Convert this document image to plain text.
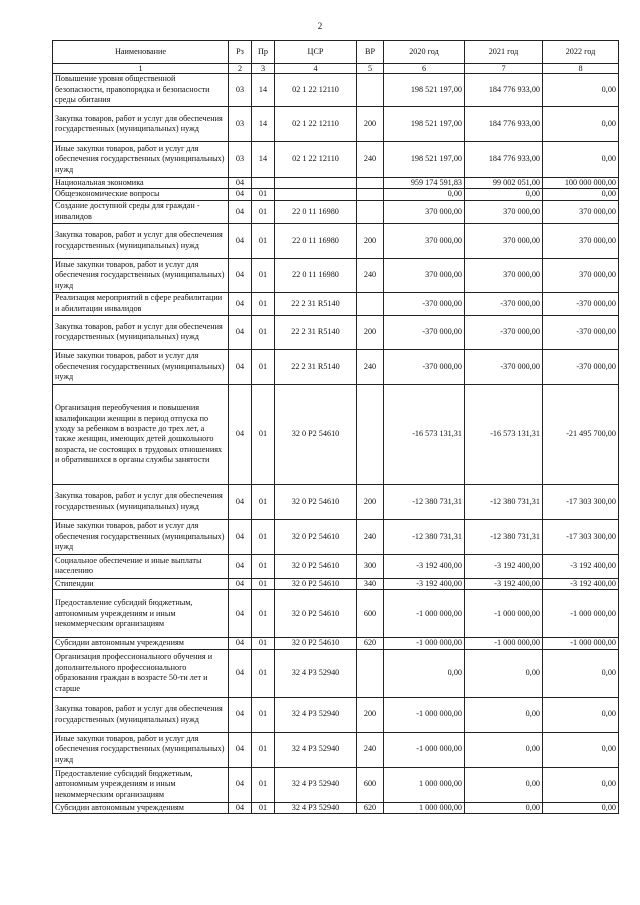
2
Наименование	Рз	Пр	ЦСР	ВР	2020 год	2021 год	2022 год
1	2	3	4	5	6	7	8
Повышение уровня общественной безопасности, правопорядка и безопасности среды обитания	03	14	02 1 22 12110		198 521 197,00	184 776 933,00	0,00
Закупка товаров, работ и услуг для обеспечения государственных (муниципальных) нужд	03	14	02 1 22 12110	200	198 521 197,00	184 776 933,00	0,00
Иные закупки товаров, работ и услуг для обеспечения государственных (муниципальных) нужд	03	14	02 1 22 12110	240	198 521 197,00	184 776 933,00	0,00
Национальная экономика	04				959 174 591,83	99 002 051,00	100 000 000,00
Общеэкономические вопросы	04	01			0,00	0,00	0,00
Создание доступной среды для граждан - инвалидов	04	01	22 0 11 16980		370 000,00	370 000,00	370 000,00
Закупка товаров, работ и услуг для обеспечения государственных (муниципальных) нужд	04	01	22 0 11 16980	200	370 000,00	370 000,00	370 000,00
Иные закупки товаров, работ и услуг для обеспечения государственных (муниципальных) нужд	04	01	22 0 11 16980	240	370 000,00	370 000,00	370 000,00
Реализация мероприятий в сфере реабилитации и абилитации инвалидов	04	01	22 2 31 R5140		-370 000,00	-370 000,00	-370 000,00
Закупка товаров, работ и услуг для обеспечения государственных (муниципальных) нужд	04	01	22 2 31 R5140	200	-370 000,00	-370 000,00	-370 000,00
Иные закупки товаров, работ и услуг для обеспечения государственных (муниципальных) нужд	04	01	22 2 31 R5140	240	-370 000,00	-370 000,00	-370 000,00
Организация переобучения и повышения квалификации женщин в период отпуска по уходу за ребенком в возрасте до трех лет, а также женщин, имеющих детей дошкольного возраста, не состоящих в трудовых отношениях и обратившихся в органы службы занятости	04	01	32 0 P2 54610		-16 573 131,31	-16 573 131,31	-21 495 700,00
Закупка товаров, работ и услуг для обеспечения государственных (муниципальных) нужд	04	01	32 0 P2 54610	200	-12 380 731,31	-12 380 731,31	-17 303 300,00
Иные закупки товаров, работ и услуг для обеспечения государственных (муниципальных) нужд	04	01	32 0 P2 54610	240	-12 380 731,31	-12 380 731,31	-17 303 300,00
Социальное обеспечение и иные выплаты населению	04	01	32 0 P2 54610	300	-3 192 400,00	-3 192 400,00	-3 192 400,00
Стипендии	04	01	32 0 P2 54610	340	-3 192 400,00	-3 192 400,00	-3 192 400,00
Предоставление субсидий бюджетным, автономным учреждениям и иным некоммерческим организациям	04	01	32 0 P2 54610	600	-1 000 000,00	-1 000 000,00	-1 000 000,00
Субсидии автономным учреждениям	04	01	32 0 P2 54610	620	-1 000 000,00	-1 000 000,00	-1 000 000,00
Организация профессионального обучения и дополнительного профессионального образования граждан в возрасте 50-ти лет и старше	04	01	32 4 P3 52940		0,00	0,00	0,00
Закупка товаров, работ и услуг для обеспечения государственных (муниципальных) нужд	04	01	32 4 P3 52940	200	-1 000 000,00	0,00	0,00
Иные закупки товаров, работ и услуг для обеспечения государственных (муниципальных) нужд	04	01	32 4 P3 52940	240	-1 000 000,00	0,00	0,00
Предоставление субсидий бюджетным, автономным учреждениям и иным некоммерческим организациям	04	01	32 4 P3 52940	600	1 000 000,00	0,00	0,00
Субсидии автономным учреждениям	04	01	32 4 P3 52940	620	1 000 000,00	0,00	0,00
